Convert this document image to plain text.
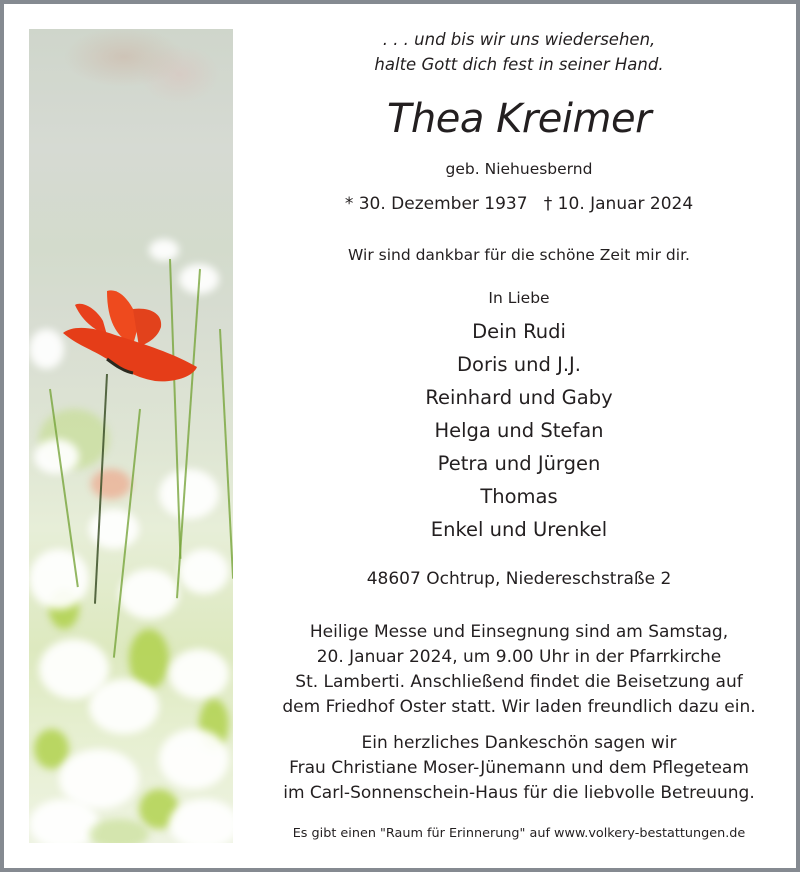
. . . und bis wir uns wiedersehen,
halte Gott dich fest in seiner Hand.
Thea Kreimer
geb. Niehuesbernd
* 30. Dezember 1937 † 10. Januar 2024
Wir sind dankbar für die schöne Zeit mir dir.
In Liebe
Dein Rudi
Doris und J.J.
Reinhard und Gaby
Helga und Stefan
Petra und Jürgen
Thomas
Enkel und Urenkel
48607 Ochtrup, Niedereschstraße 2
Heilige Messe und Einsegnung sind am Samstag,
20. Januar 2024, um 9.00 Uhr in der Pfarrkirche
St. Lamberti. Anschließend findet die Beisetzung auf
dem Friedhof Oster statt. Wir laden freundlich dazu ein.
Ein herzliches Dankeschön sagen wir
Frau Christiane Moser-Jünemann und dem Pflegeteam
im Carl-Sonnenschein-Haus für die liebvolle Betreuung.
Es gibt einen "Raum für Erinnerung" auf www.volkery-bestattungen.de
